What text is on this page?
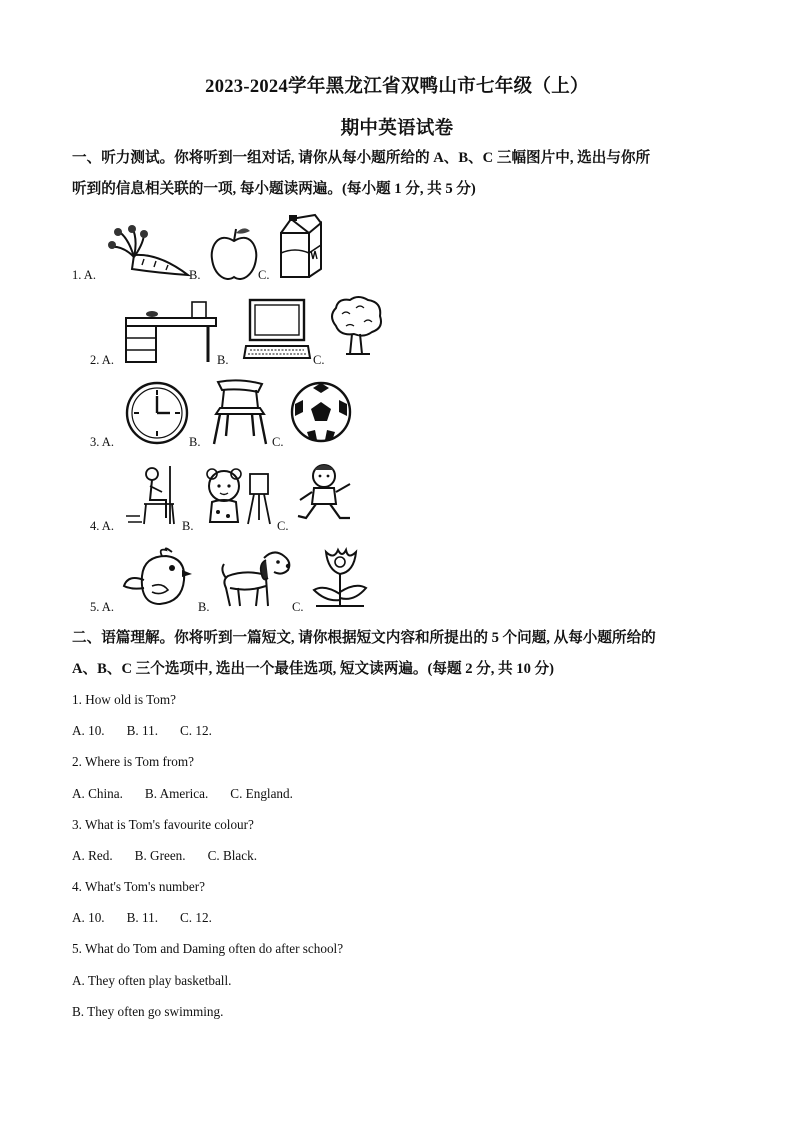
2023-2024学年黑龙江省双鸭山市七年级（上）
期中英语试卷
一、听力测试。你将听到一组对话, 请你从每小题所给的 A、B、C 三幅图片中, 选出与你所
听到的信息相关联的一项, 每小题读两遍。(每小题 1 分, 共 5 分)
1. A.	B.	C.
2. A.	B.	C.
3. A.	B.	C.
4. A.	B.	C.
5. A.	B.	C.
二、语篇理解。你将听到一篇短文, 请你根据短文内容和所提出的 5 个问题, 从每小题所给的
A、B、C 三个选项中, 选出一个最佳选项, 短文读两遍。(每题 2 分, 共 10 分)
1. How old is Tom?
A. 10. B. 11. C. 12.
2. Where is Tom from?
A. China. B. America. C. England.
3. What is Tom's favourite colour?
A. Red. B. Green. C. Black.
4. What's Tom's number?
A. 10. B. 11. C. 12.
5. What do Tom and Daming often do after school?
A. They often play basketball.
B. They often go swimming.
